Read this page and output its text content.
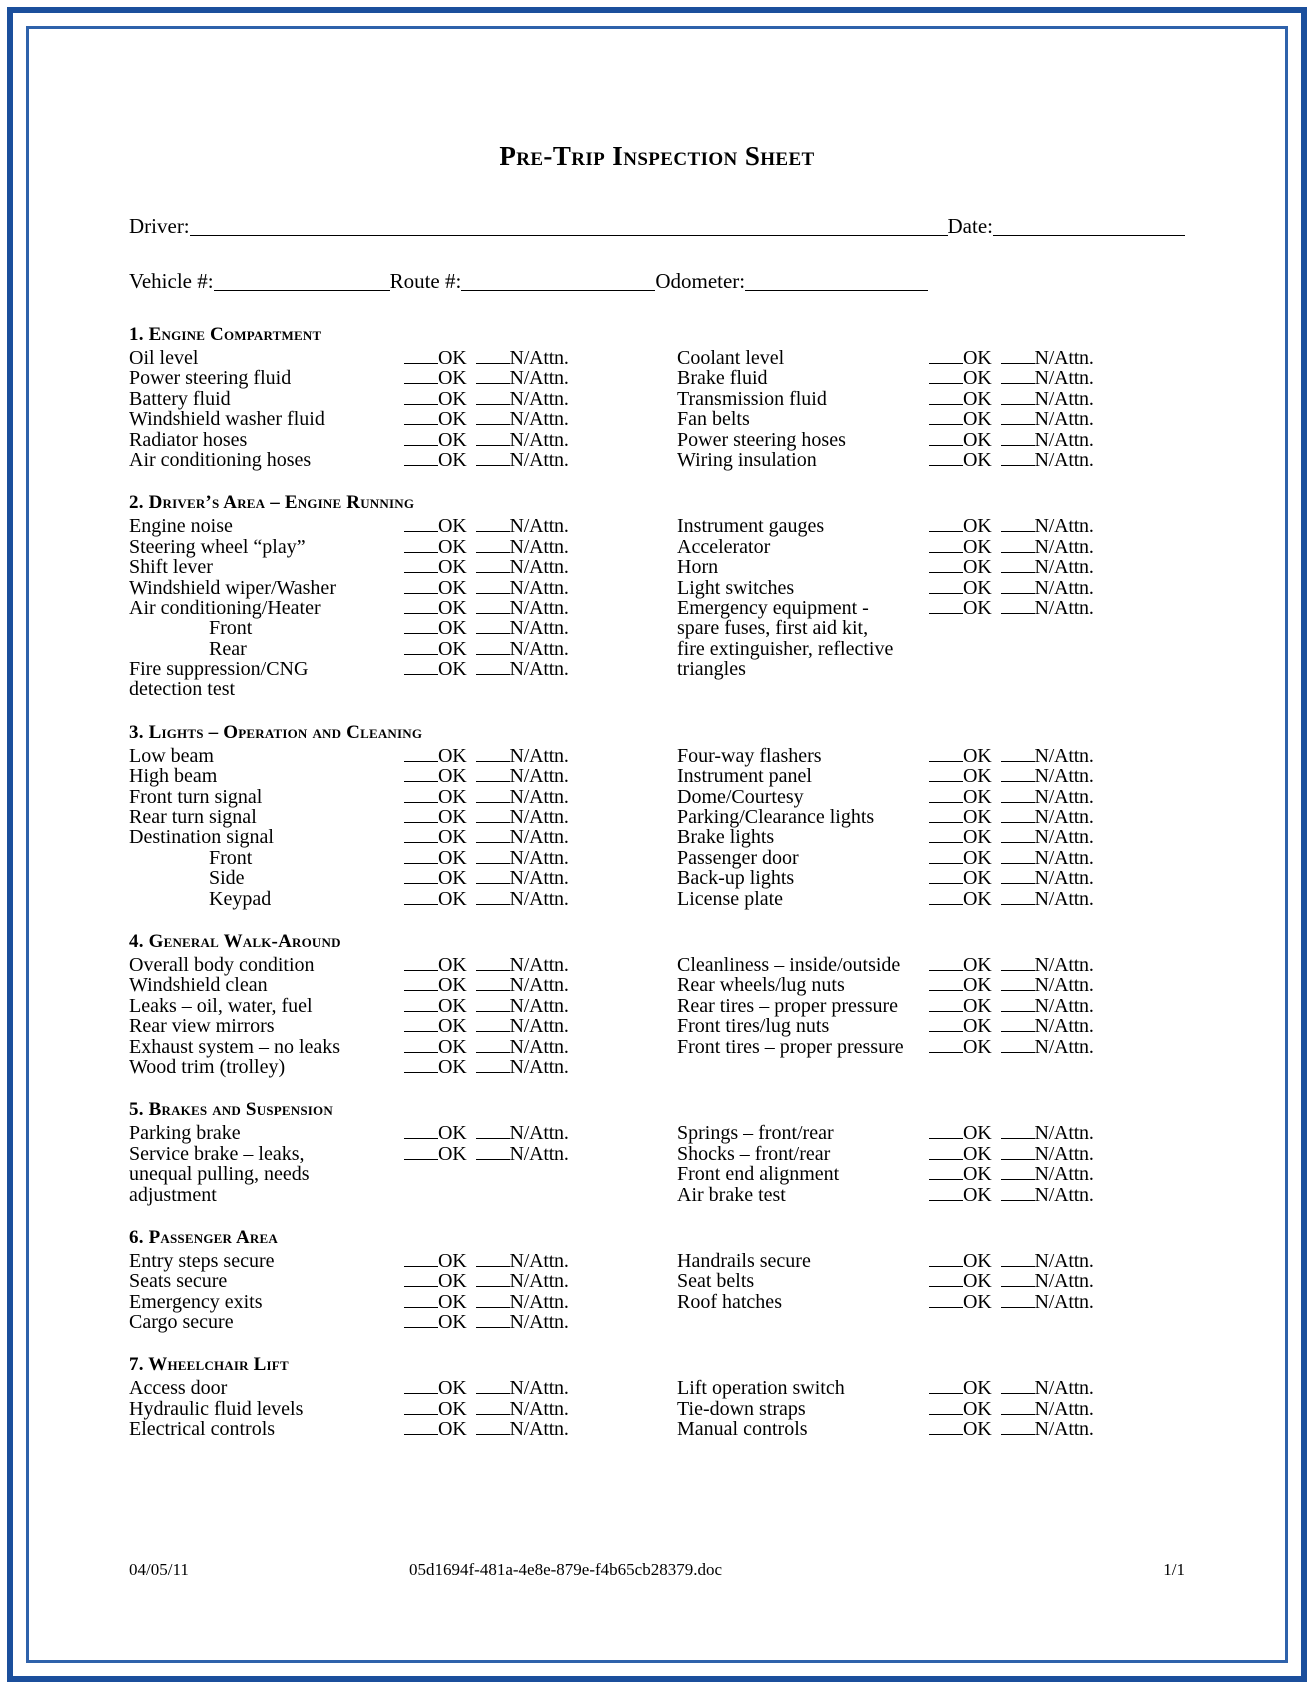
Pre-Trip Inspection Sheet
Driver:	Date:
Vehicle #:	Route #:	Odometer:
1. Engine Compartment
Oil level	OK N/Attn.
Power steering fluid	OK N/Attn.
Battery fluid	OK N/Attn.
Windshield washer fluid	OK N/Attn.
Radiator hoses	OK N/Attn.
Air conditioning hoses	OK N/Attn.
Coolant level	OK N/Attn.
Brake fluid	OK N/Attn.
Transmission fluid	OK N/Attn.
Fan belts	OK N/Attn.
Power steering hoses	OK N/Attn.
Wiring insulation	OK N/Attn.
2. Driver’s Area – Engine Running
Engine noise	OK N/Attn.
Steering wheel “play”	OK N/Attn.
Shift lever	OK N/Attn.
Windshield wiper/Washer	OK N/Attn.
Air conditioning/Heater	OK N/Attn.
Front	OK N/Attn.
Rear	OK N/Attn.
Fire suppression/CNG	OK N/Attn.
detection test
Instrument gauges	OK N/Attn.
Accelerator	OK N/Attn.
Horn	OK N/Attn.
Light switches	OK N/Attn.
Emergency equipment -	OK N/Attn.
spare fuses, first aid kit,
fire extinguisher, reflective
triangles
3. Lights – Operation and Cleaning
Low beam	OK N/Attn.
High beam	OK N/Attn.
Front turn signal	OK N/Attn.
Rear turn signal	OK N/Attn.
Destination signal	OK N/Attn.
Front	OK N/Attn.
Side	OK N/Attn.
Keypad	OK N/Attn.
Four-way flashers	OK N/Attn.
Instrument panel	OK N/Attn.
Dome/Courtesy	OK N/Attn.
Parking/Clearance lights	OK N/Attn.
Brake lights	OK N/Attn.
Passenger door	OK N/Attn.
Back-up lights	OK N/Attn.
License plate	OK N/Attn.
4. General Walk-Around
Overall body condition	OK N/Attn.
Windshield clean	OK N/Attn.
Leaks – oil, water, fuel	OK N/Attn.
Rear view mirrors	OK N/Attn.
Exhaust system – no leaks	OK N/Attn.
Wood trim (trolley)	OK N/Attn.
Cleanliness – inside/outside	OK N/Attn.
Rear wheels/lug nuts	OK N/Attn.
Rear tires – proper pressure	OK N/Attn.
Front tires/lug nuts	OK N/Attn.
Front tires – proper pressure	OK N/Attn.
5. Brakes and Suspension
Parking brake	OK N/Attn.
Service brake – leaks,	OK N/Attn.
unequal pulling, needs
adjustment
Springs – front/rear	OK N/Attn.
Shocks – front/rear	OK N/Attn.
Front end alignment	OK N/Attn.
Air brake test	OK N/Attn.
6. Passenger Area
Entry steps secure	OK N/Attn.
Seats secure	OK N/Attn.
Emergency exits	OK N/Attn.
Cargo secure	OK N/Attn.
Handrails secure	OK N/Attn.
Seat belts	OK N/Attn.
Roof hatches	OK N/Attn.
7. Wheelchair Lift
Access door	OK N/Attn.
Hydraulic fluid levels	OK N/Attn.
Electrical controls	OK N/Attn.
Lift operation switch	OK N/Attn.
Tie-down straps	OK N/Attn.
Manual controls	OK N/Attn.
04/05/11	05d1694f-481a-4e8e-879e-f4b65cb28379.doc	1/1
